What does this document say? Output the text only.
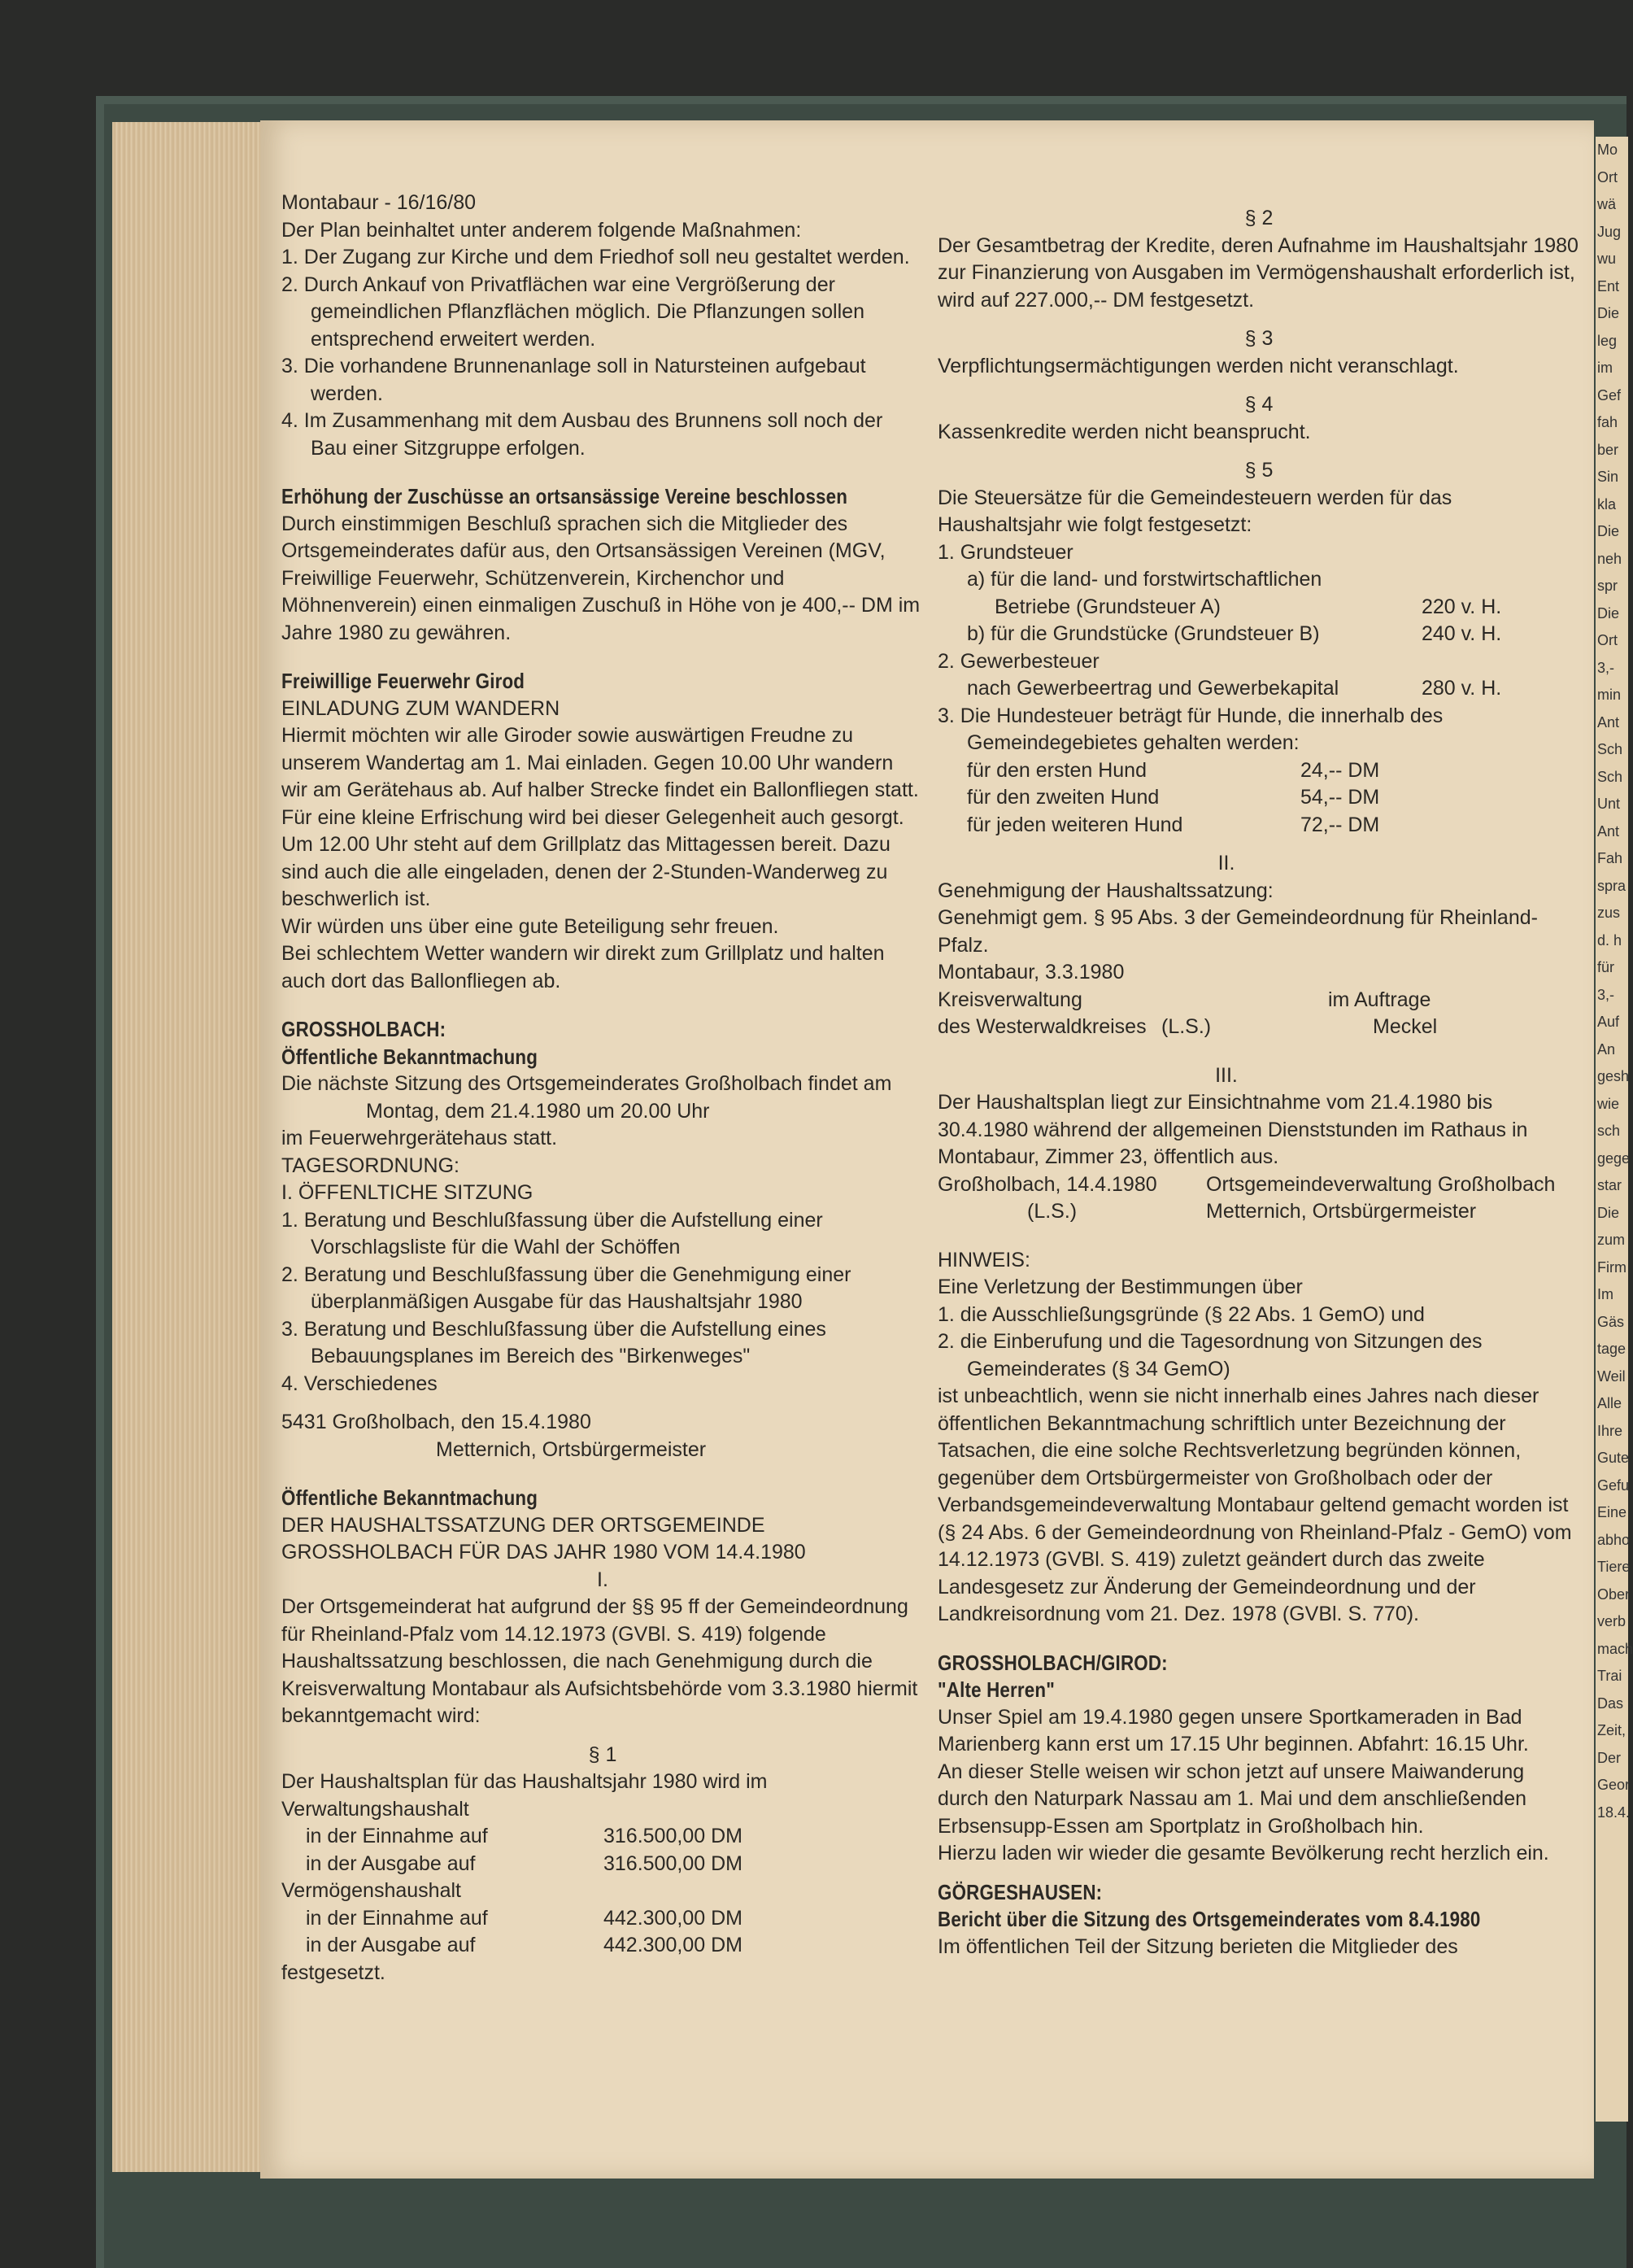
Mo
Ort
wä
Jug
wu
Ent
Die
leg
im
Gef
fah
ber
Sin
kla
Die
neh
spr
Die
Ort
3,-
min
Ant
Sch
Sch
Unt
Ant
Fah
spra
zus
d. h
für
3,-
Auf
An
gesh
wie
sch
gege
star
Die
zum
Firm
Im
Gäs
tage
Weil
Alle
Ihre
Gute
Gefu
Eine
abho
Tiere
Ober
verb
mach
Trai
Das
Zeit,
Der
Geor
18.4.

Montabaur - 16/16/80

Der Plan beinhaltet unter anderem folgende Maßnahmen:

1. Der Zugang zur Kirche und dem Friedhof soll neu gestaltet werden.

2. Durch Ankauf von Privatflächen war eine Vergrößerung der gemeindlichen Pflanzflächen möglich. Die Pflanzungen sollen entsprechend erweitert werden.

3. Die vorhandene Brunnenanlage soll in Natursteinen aufgebaut werden.

4. Im Zusammenhang mit dem Ausbau des Brunnens soll noch der Bau einer Sitzgruppe erfolgen.

Erhöhung der Zuschüsse an ortsansässige Vereine beschlossen

Durch einstimmigen Beschluß sprachen sich die Mitglieder des Ortsgemeinderates dafür aus, den Ortsansässigen Vereinen (MGV, Freiwillige Feuerwehr, Schützenverein, Kirchenchor und Möhnenverein) einen einmaligen Zuschuß in Höhe von je 400,-- DM im Jahre 1980 zu gewähren.

Freiwillige Feuerwehr Girod

EINLADUNG ZUM WANDERN

Hiermit möchten wir alle Giroder sowie auswärtigen Freudne zu unserem Wandertag am 1. Mai einladen. Gegen 10.00 Uhr wandern wir am Gerätehaus ab. Auf halber Strecke findet ein Ballonfliegen statt. Für eine kleine Erfrischung wird bei dieser Gelegenheit auch gesorgt. Um 12.00 Uhr steht auf dem Grillplatz das Mittagessen bereit. Dazu sind auch die alle eingeladen, denen der 2-Stunden-Wanderweg zu beschwerlich ist.

Wir würden uns über eine gute Beteiligung sehr freuen.

Bei schlechtem Wetter wandern wir direkt zum Grillplatz und halten auch dort das Ballonfliegen ab.

GROSSHOLBACH:

Öffentliche Bekanntmachung

Die nächste Sitzung des Ortsgemeinderates Großholbach findet am

Montag, dem 21.4.1980 um 20.00 Uhr

im Feuerwehrgerätehaus statt.

TAGESORDNUNG:

I. ÖFFENLTICHE SITZUNG

1. Beratung und Beschlußfassung über die Aufstellung einer Vorschlagsliste für die Wahl der Schöffen

2. Beratung und Beschlußfassung über die Genehmigung einer überplanmäßigen Ausgabe für das Haushaltsjahr 1980

3. Beratung und Beschlußfassung über die Aufstellung eines Bebauungsplanes im Bereich des "Birkenweges"

4. Verschiedenes

5431 Großholbach, den 15.4.1980

Metternich, Ortsbürgermeister

Öffentliche Bekanntmachung

DER HAUSHALTSSATZUNG DER ORTSGEMEINDE GROSSHOLBACH FÜR DAS JAHR 1980 VOM 14.4.1980

I.

Der Ortsgemeinderat hat aufgrund der §§ 95 ff der Gemeindeordnung für Rheinland-Pfalz vom 14.12.1973 (GVBl. S. 419) folgende Haushaltssatzung beschlossen, die nach Genehmigung durch die Kreisverwaltung Montabaur als Aufsichtsbehörde vom 3.3.1980 hiermit bekanntgemacht wird:

§ 1

Der Haushaltsplan für das Haushaltsjahr 1980 wird im

Verwaltungshaushalt

in der Einnahme auf	316.500,00 DM
in der Ausgabe auf	316.500,00 DM

Vermögenshaushalt

in der Einnahme auf	442.300,00 DM
in der Ausgabe auf	442.300,00 DM

festgesetzt.

§ 2

Der Gesamtbetrag der Kredite, deren Aufnahme im Haushaltsjahr 1980 zur Finanzierung von Ausgaben im Vermögenshaushalt erforderlich ist, wird auf 227.000,-- DM festgesetzt.

§ 3

Verpflichtungsermächtigungen werden nicht veranschlagt.

§ 4

Kassenkredite werden nicht beansprucht.

§ 5

Die Steuersätze für die Gemeindesteuern werden für das Haushaltsjahr wie folgt festgesetzt:

1. Grundsteuer

a) für die land- und forstwirtschaftlichen

Betriebe (Grundsteuer A)	220 v. H.
b) für die Grundstücke (Grundsteuer B)	240 v. H.

2. Gewerbesteuer

nach Gewerbeertrag und Gewerbekapital	280 v. H.

3. Die Hundesteuer beträgt für Hunde, die innerhalb des Gemeindegebietes gehalten werden:

für den ersten Hund	24,-- DM
für den zweiten Hund	54,-- DM
für jeden weiteren Hund	72,-- DM

II.

Genehmigung der Haushaltssatzung:

Genehmigt gem. § 95 Abs. 3 der Gemeindeordnung für Rheinland-Pfalz.

Montabaur, 3.3.1980

Kreisverwaltung	im Auftrage
des Westerwaldkreises (L.S.)	Meckel

III.

Der Haushaltsplan liegt zur Einsichtnahme vom 21.4.1980 bis 30.4.1980 während der allgemeinen Dienststunden im Rathaus in Montabaur, Zimmer 23, öffentlich aus.

Großholbach, 14.4.1980 Ortsgemeindeverwaltung Großholbach
(L.S.)	Metternich, Ortsbürgermeister

HINWEIS:

Eine Verletzung der Bestimmungen über

1. die Ausschließungsgründe (§ 22 Abs. 1 GemO) und

2. die Einberufung und die Tagesordnung von Sitzungen des Gemeinderates (§ 34 GemO)

ist unbeachtlich, wenn sie nicht innerhalb eines Jahres nach dieser öffentlichen Bekanntmachung schriftlich unter Bezeichnung der Tatsachen, die eine solche Rechtsverletzung begründen können, gegenüber dem Ortsbürgermeister von Großholbach oder der Verbandsgemeindeverwaltung Montabaur geltend gemacht worden ist (§ 24 Abs. 6 der Gemeindeordnung von Rheinland-Pfalz - GemO) vom 14.12.1973 (GVBl. S. 419) zuletzt geändert durch das zweite Landesgesetz zur Änderung der Gemeindeordnung und der Landkreisordnung vom 21. Dez. 1978 (GVBl. S. 770).

GROSSHOLBACH/GIROD:

"Alte Herren"

Unser Spiel am 19.4.1980 gegen unsere Sportkameraden in Bad Marienberg kann erst um 17.15 Uhr beginnen. Abfahrt: 16.15 Uhr.

An dieser Stelle weisen wir schon jetzt auf unsere Maiwanderung durch den Naturpark Nassau am 1. Mai und dem anschließenden Erbsensupp-Essen am Sportplatz in Großholbach hin.

Hierzu laden wir wieder die gesamte Bevölkerung recht herzlich ein.

GÖRGESHAUSEN:

Bericht über die Sitzung des Ortsgemeinderates vom 8.4.1980

Im öffentlichen Teil der Sitzung berieten die Mitglieder des
